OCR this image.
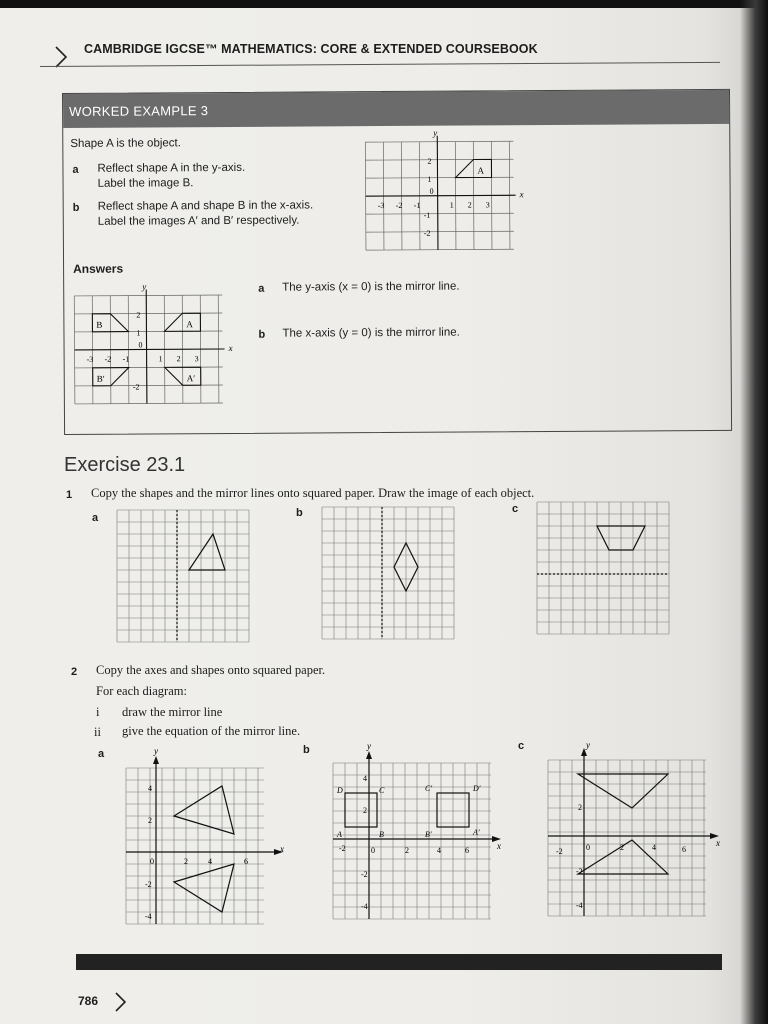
CAMBRIDGE IGCSE™ MATHEMATICS: CORE & EXTENDED COURSEBOOK
WORKED EXAMPLE 3
Shape A is the object.
a Reflect shape A in the y-axis.
Label the image B.
b Reflect shape A and shape B in the x-axis.
Label the images A′ and B′ respectively.
A
y
x
-3 -2 -1
0
1 2 3
2
1
-1
-2
Answers
A
B
A′
B′
y
x
-3 -2 -1
0
1 2 3
2
1
-2
a The y-axis (x = 0) is the mirror line.
b The x-axis (y = 0) is the mirror line.
Exercise 23.1
1 Copy the shapes and the mirror lines onto squared paper. Draw the image of each object.
a	b	c
2 Copy the axes and shapes onto squared paper.
For each diagram:
i draw the mirror line
ii give the equation of the mirror line.
a	b	c
y
x
0	2	4	6
4
2
-2
-4
y
x
D	C	C′	D′
A	B	B′	A′
-2	0	2	4	6
4
2
-2
-4
y
x
-2	0	2	4	6
2
-2
-4
786
